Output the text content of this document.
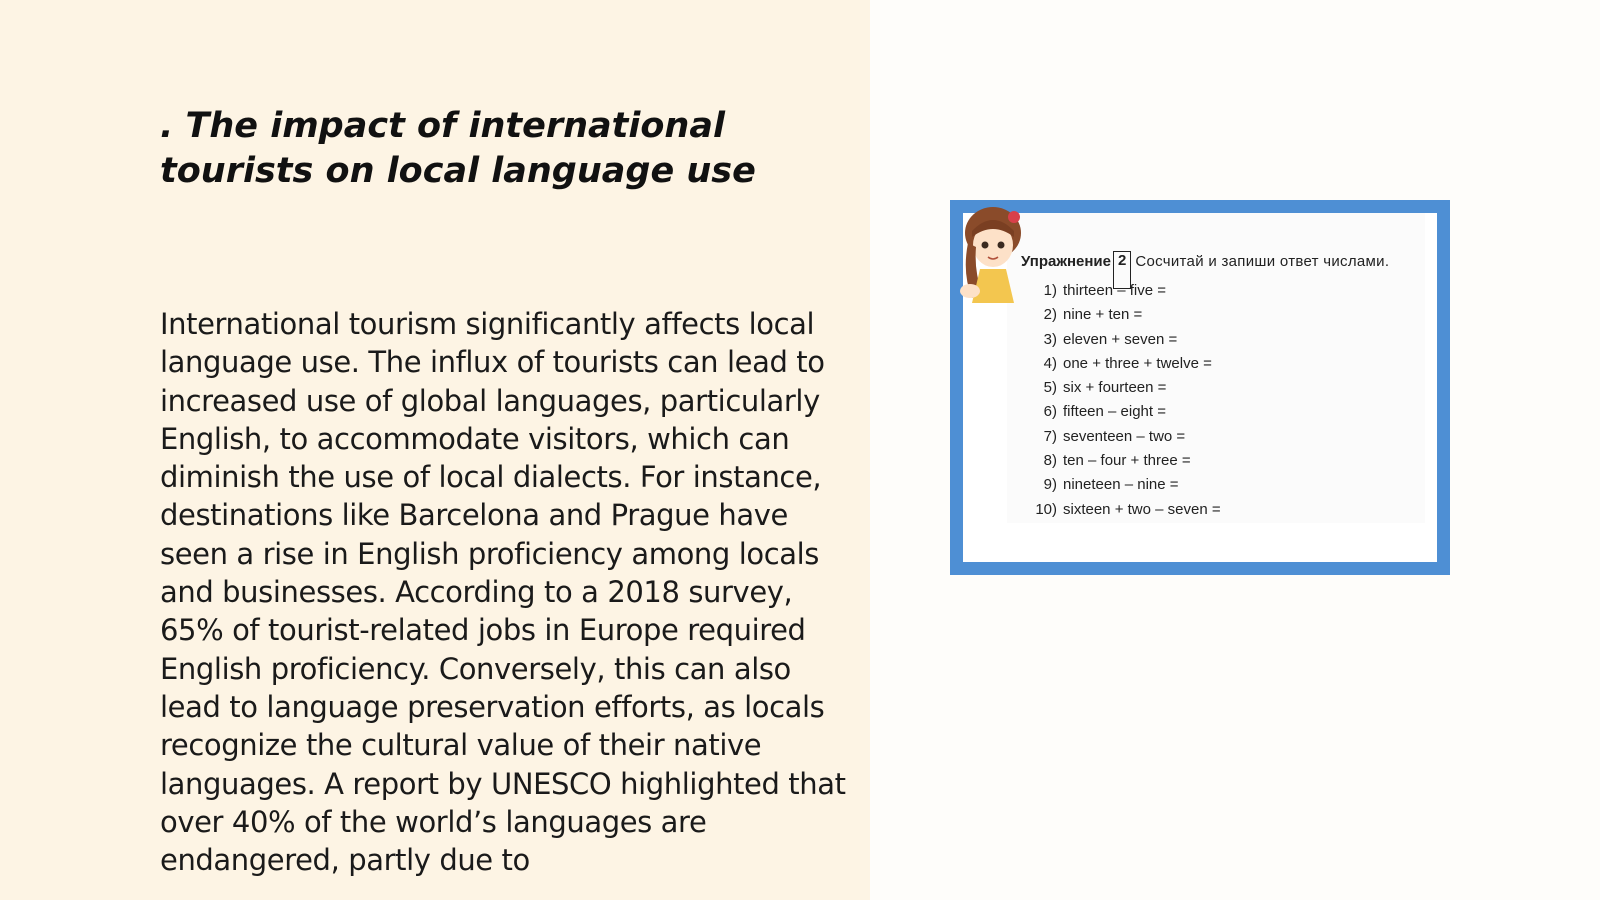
. The impact of international tourists on local language use

International tourism significantly affects local language use. The influx of tourists can lead to increased use of global languages, particularly English, to accommodate visitors, which can diminish the use of local dialects. For instance, destinations like Barcelona and Prague have seen a rise in English proficiency among locals and businesses. According to a 2018 survey, 65% of tourist-related jobs in Europe required English proficiency. Conversely, this can also lead to language preservation efforts, as locals recognize the cultural value of their native languages. A report by UNESCO highlighted that over 40% of the world’s languages are endangered, partly due to

Упражнение 2 Сосчитай и запиши ответ числами.
1) thirteen – five =
2) nine + ten =
3) eleven + seven =
4) one + three + twelve =
5) six + fourteen =
6) fifteen – eight =
7) seventeen – two =
8) ten – four + three =
9) nineteen – nine =
10) sixteen + two – seven =
